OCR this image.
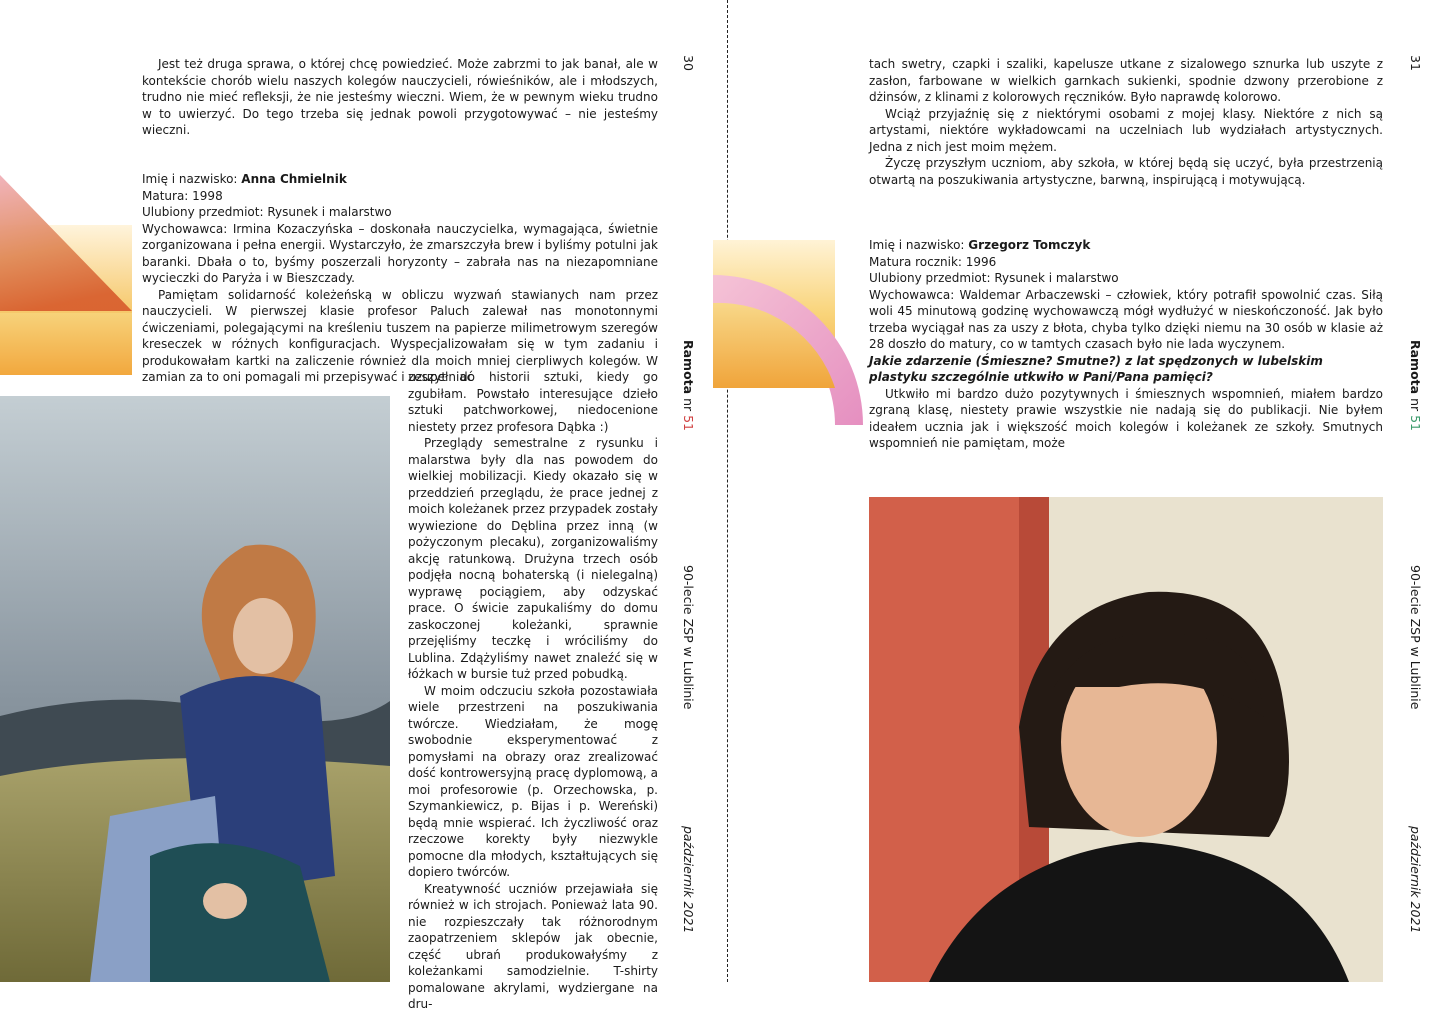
Jest też druga sprawa, o której chcę powiedzieć. Może zabrzmi to jak banał, ale w kontekście chorób wielu naszych kolegów nauczycieli, rówieśników, ale i młodszych, trudno nie mieć refleksji, że nie jesteśmy wieczni. Wiem, że w pewnym wieku trudno w to uwierzyć. Do tego trzeba się jednak powoli przygotowywać – nie jesteśmy wieczni.

Imię i nazwisko: Anna Chmielnik
Matura: 1998
Ulubiony przedmiot: Rysunek i malarstwo

Wychowawca: Irmina Kozaczyńska – doskonała nauczycielka, wymagająca, świetnie zorganizowana i pełna energii. Wystarczyło, że zmarszczyła brew i byliśmy potulni jak baranki. Dbała o to, byśmy poszerzali horyzonty – zabrała nas na niezapomniane wycieczki do Paryża i w Bieszczady.

Pamiętam solidarność koleżeńską w obliczu wyzwań stawianych nam przez nauczycieli. W pierwszej klasie profesor Paluch zalewał nas monotonnymi ćwiczeniami, polegającymi na kreśleniu tuszem na papierze milimetrowym szeregów kreseczek w różnych konfiguracjach. Wyspecjalizowałam się w tym zadaniu i produkowałam kartki na zaliczenie również dla moich mniej cierpliwych kolegów. W zamian za to oni pomagali mi przepisywać i uzupełniać

zeszyt do historii sztuki, kiedy go zgubiłam. Powstało interesujące dzieło sztuki patchworkowej, niedocenione niestety przez profesora Dąbka :)

Przeglądy semestralne z rysunku i malarstwa były dla nas powodem do wielkiej mobilizacji. Kiedy okazało się w przeddzień przeglądu, że prace jednej z moich koleżanek przez przypadek zostały wywiezione do Dęblina przez inną (w pożyczonym plecaku), zorganizowaliśmy akcję ratunkową. Drużyna trzech osób podjęła nocną bohaterską (i nielegalną) wyprawę pociągiem, aby odzyskać prace. O świcie zapukaliśmy do domu zaskoczonej koleżanki, sprawnie przejęliśmy teczkę i wróciliśmy do Lublina. Zdążyliśmy nawet znaleźć się w łóżkach w bursie tuż przed pobudką.

W moim odczuciu szkoła pozostawiała wiele przestrzeni na poszukiwania twórcze. Wiedziałam, że mogę swobodnie eksperymentować z pomysłami na obrazy oraz zrealizować dość kontrowersyjną pracę dyplomową, a moi profesorowie (p. Orzechowska, p. Szymankiewicz, p. Bijas i p. Wereński) będą mnie wspierać. Ich życzliwość oraz rzeczowe korekty były niezwykle pomocne dla młodych, kształtujących się dopiero twórców.

Kreatywność uczniów przejawiała się również w ich strojach. Ponieważ lata 90. nie rozpieszczały tak różnorodnym zaopatrzeniem sklepów jak obecnie, część ubrań produkowałyśmy z koleżankami samodzielnie. T-shirty pomalowane akrylami, wydziergane na dru-

30
Ramota nr 51
90-lecie ZSP w Lublinie
październik 2021

tach swetry, czapki i szaliki, kapelusze utkane z sizalowego sznurka lub uszyte z zasłon, farbowane w wielkich garnkach sukienki, spodnie dzwony przerobione z dżinsów, z klinami z kolorowych ręczników. Było naprawdę kolorowo.

Wciąż przyjaźnię się z niektórymi osobami z mojej klasy. Niektóre z nich są artystami, niektóre wykładowcami na uczelniach lub wydziałach artystycznych. Jedna z nich jest moim mężem.

Życzę przyszłym uczniom, aby szkoła, w której będą się uczyć, była przestrzenią otwartą na poszukiwania artystyczne, barwną, inspirującą i motywującą.

Imię i nazwisko: Grzegorz Tomczyk
Matura rocznik: 1996
Ulubiony przedmiot: Rysunek i malarstwo

Wychowawca: Waldemar Arbaczewski – człowiek, który potrafił spowolnić czas. Siłą woli 45 minutową godzinę wychowawczą mógł wydłużyć w nieskończoność. Jak było trzeba wyciągał nas za uszy z błota, chyba tylko dzięki niemu na 30 osób w klasie aż 28 doszło do matury, co w tamtych czasach było nie lada wyczynem.

Jakie zdarzenie (Śmieszne? Smutne?) z lat spędzonych w lubelskim plastyku szczególnie utkwiło w Pani/Pana pamięci?

Utkwiło mi bardzo dużo pozytywnych i śmiesznych wspomnień, miałem bardzo zgraną klasę, niestety prawie wszystkie nie nadają się do publikacji. Nie byłem ideałem ucznia jak i większość moich kolegów i koleżanek ze szkoły. Smutnych wspomnień nie pamiętam, może

31
Ramota nr 51
90-lecie ZSP w Lublinie
październik 2021
